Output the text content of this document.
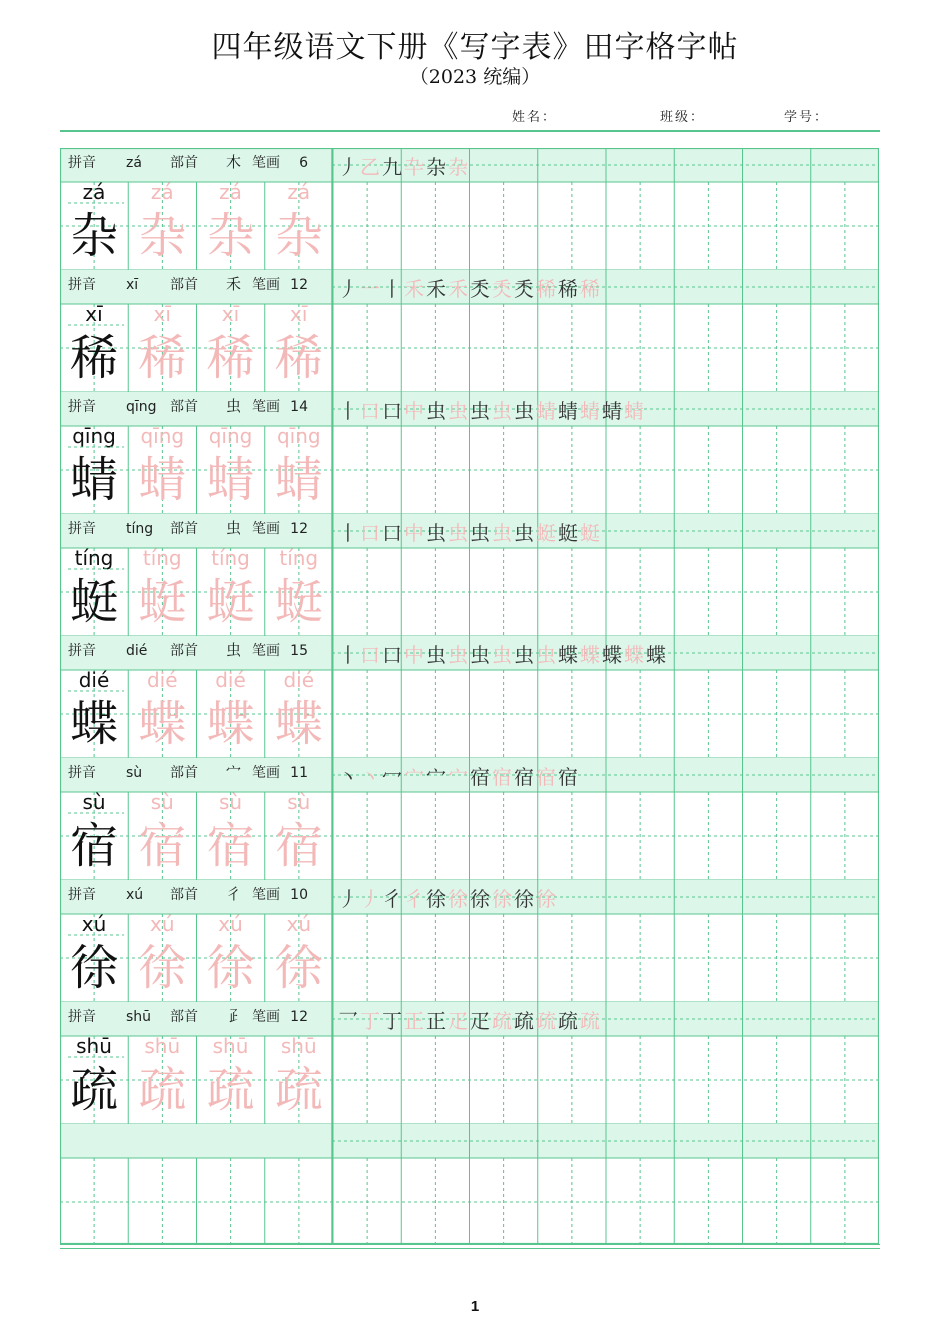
四年级语文下册《写字表》田字格字帖
（2023 统编）
姓名：	班级：	学号：
拼音 zá 部首 木 笔画 6
zá zá zá zá
杂 杂 杂 杂
丿 乙 九 卆 杂 杂
拼音 xī 部首 禾 笔画 12
xī	xī	xī	xī
稀 稀 稀 稀
丿 一 丨 禾 禾 禾 秂 秂 秂 稀 稀 稀
拼音 qīng 部首 虫 笔画 14
qīng qīng qīng qīng
蜻 蜻 蜻 蜻
丨 口 口 中 虫 虫 虫 虫 虫 蜻 蜻 蜻 蜻 蜻
拼音 tíng 部首 虫 笔画 12
tíng tíng tíng tíng
蜓 蜓 蜓 蜓
丨 口 口 中 虫 虫 虫 虫 虫 蜓 蜓 蜓
拼音 dié 部首 虫 笔画 15
dié dié dié dié
蝶 蝶 蝶 蝶
丨 口 口 中 虫 虫 虫 虫 虫 虫 蝶 蝶 蝶 蝶 蝶
拼音 sù 部首 宀 笔画 11
sù sù sù sù
宿 宿 宿 宿
丶 丶 冖 宀 宀 宀 宿 宿 宿 宿 宿
拼音 xú 部首 彳 笔画 10
xú xú xú xú
徐 徐 徐 徐
丿 丿 彳 彳 徐 徐 徐 徐 徐 徐
拼音 shū 部首 𤴔 笔画 12
shū shū shū shū
疏 疏 疏 疏
乛 丁 丁 正 正 疋 疋 疏 疏 疏 疏 疏
1
